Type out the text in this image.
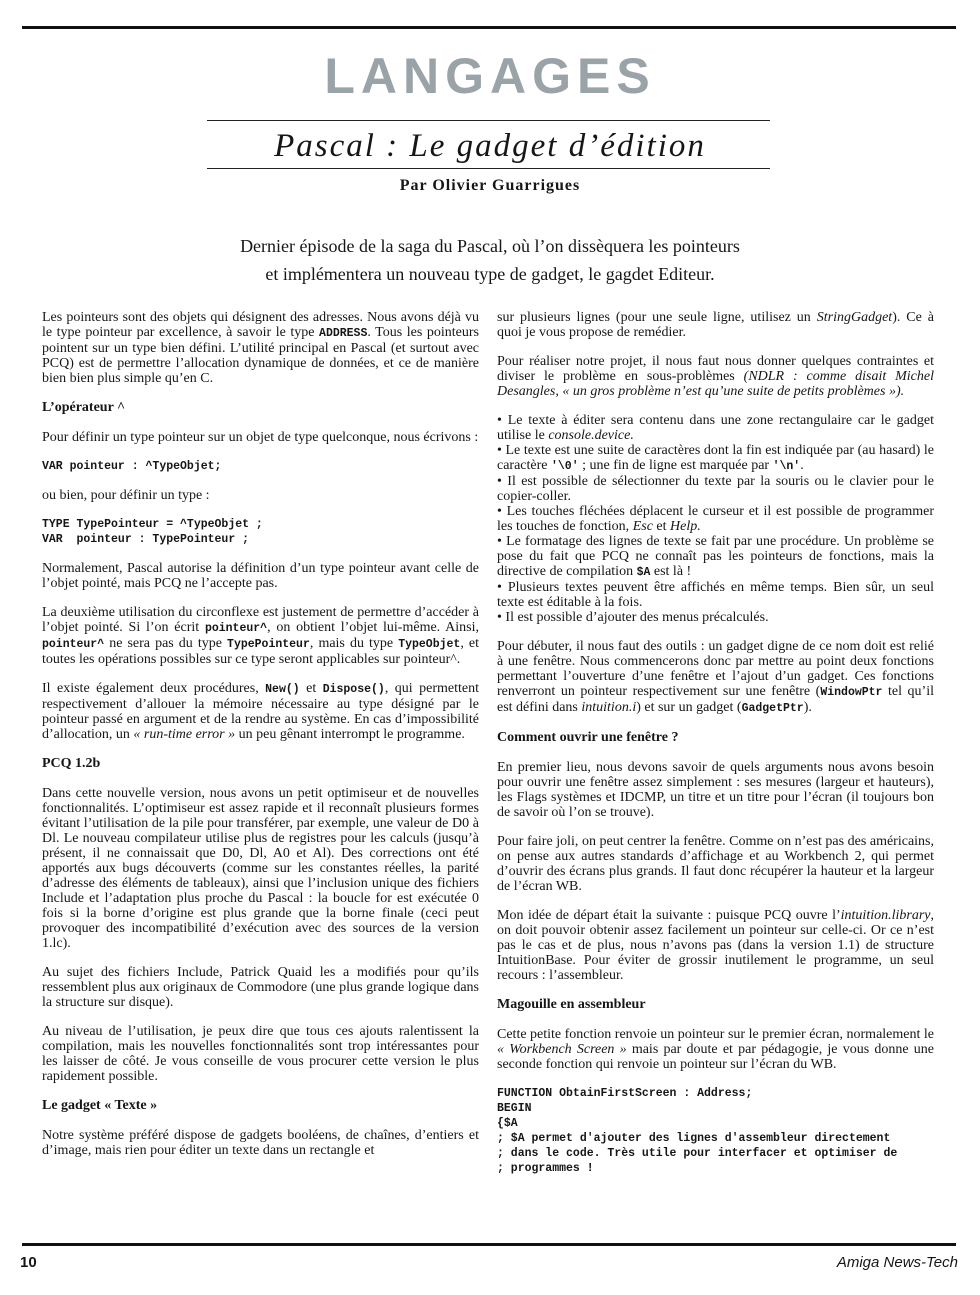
LANGAGES
Pascal : Le gadget d’édition
Par Olivier Guarrigues
Dernier épisode de la saga du Pascal, où l’on dissèquera les pointeurs
et implémentera un nouveau type de gadget, le gagdet Editeur.

Les pointeurs sont des objets qui désignent des adresses. Nous avons déjà vu le type pointeur par excellence, à savoir le type ADDRESS. Tous les pointeurs pointent sur un type bien défini. L’utilité principal en Pascal (et surtout avec PCQ) est de permettre l’allocation dynamique de données, et ce de manière bien bien plus simple qu’en C.

L’opérateur ^

Pour définir un type pointeur sur un objet de type quelconque, nous écrivons :

VAR pointeur : ^TypeObjet;

ou bien, pour définir un type :

TYPE TypePointeur = ^TypeObjet ;
VAR  pointeur : TypePointeur ;

Normalement, Pascal autorise la définition d’un type pointeur avant celle de l’objet pointé, mais PCQ ne l’accepte pas.

La deuxième utilisation du circonflexe est justement de permettre d’accéder à l’objet pointé. Si l’on écrit pointeur^, on obtient l’objet lui-même. Ainsi, pointeur^ ne sera pas du type TypePointeur, mais du type TypeObjet, et toutes les opérations possibles sur ce type seront applicables sur pointeur^.

Il existe également deux procédures, New() et Dispose(), qui permettent respectivement d’allouer la mémoire nécessaire au type désigné par le pointeur passé en argument et de la rendre au système. En cas d’impossibilité d’allocation, un « run-time error » un peu gênant interrompt le programme.

PCQ 1.2b

Dans cette nouvelle version, nous avons un petit optimiseur et de nouvelles fonctionnalités. L’optimiseur est assez rapide et il reconnaît plusieurs formes évitant l’utilisation de la pile pour transférer, par exemple, une valeur de D0 à Dl. Le nouveau compilateur utilise plus de registres pour les calculs (jusqu’à présent, il ne connaissait que D0, Dl, A0 et Al). Des corrections ont été apportés aux bugs découverts (comme sur les constantes réelles, la parité d’adresse des éléments de tableaux), ainsi que l’inclusion unique des fichiers Include et l’adaptation plus proche du Pascal : la boucle for est exécutée 0 fois si la borne d’origine est plus grande que la borne finale (ceci peut provoquer des incompatibilité d’exécution avec des sources de la version 1.lc).

Au sujet des fichiers Include, Patrick Quaid les a modifiés pour qu’ils ressemblent plus aux originaux de Commodore (une plus grande logique dans la structure sur disque).

Au niveau de l’utilisation, je peux dire que tous ces ajouts ralentissent la compilation, mais les nouvelles fonctionnalités sont trop intéressantes pour les laisser de côté. Je vous conseille de vous procurer cette version le plus rapidement possible.

Le gadget « Texte »

Notre système préféré dispose de gadgets booléens, de chaînes, d’entiers et d’image, mais rien pour éditer un texte dans un rectangle et

sur plusieurs lignes (pour une seule ligne, utilisez un StringGadget). Ce à quoi je vous propose de remédier.

Pour réaliser notre projet, il nous faut nous donner quelques contraintes et diviser le problème en sous-problèmes (NDLR : comme disait Michel Desangles, « un gros problème n’est qu’une suite de petits problèmes »).

• Le texte à éditer sera contenu dans une zone rectangulaire car le gadget utilise le console.device.
• Le texte est une suite de caractères dont la fin est indiquée par (au hasard) le caractère '\0' ; une fin de ligne est marquée par '\n'.
• Il est possible de sélectionner du texte par la souris ou le clavier pour le copier-coller.
• Les touches fléchées déplacent le curseur et il est possible de programmer les touches de fonction, Esc et Help.
• Le formatage des lignes de texte se fait par une procédure. Un problème se pose du fait que PCQ ne connaît pas les pointeurs de fonctions, mais la directive de compilation $A est là !
• Plusieurs textes peuvent être affichés en même temps. Bien sûr, un seul texte est éditable à la fois.
• Il est possible d’ajouter des menus précalculés.

Pour débuter, il nous faut des outils : un gadget digne de ce nom doit est relié à une fenêtre. Nous commencerons donc par mettre au point deux fonctions permettant l’ouverture d’une fenêtre et l’ajout d’un gadget. Ces fonctions renverront un pointeur respectivement sur une fenêtre (WindowPtr tel qu’il est défini dans intuition.i) et sur un gadget (GadgetPtr).

Comment ouvrir une fenêtre ?

En premier lieu, nous devons savoir de quels arguments nous avons besoin pour ouvrir une fenêtre assez simplement : ses mesures (largeur et hauteurs), les Flags systèmes et IDCMP, un titre et un titre pour l’écran (il toujours bon de savoir où l’on se trouve).

Pour faire joli, on peut centrer la fenêtre. Comme on n’est pas des américains, on pense aux autres standards d’affichage et au Workbench 2, qui permet d’ouvrir des écrans plus grands. Il faut donc récupérer la hauteur et la largeur de l’écran WB.

Mon idée de départ était la suivante : puisque PCQ ouvre l’intuition.library, on doit pouvoir obtenir assez facilement un pointeur sur celle-ci. Or ce n’est pas le cas et de plus, nous n’avons pas (dans la version 1.1) de structure IntuitionBase. Pour éviter de grossir inutilement le programme, un seul recours : l’assembleur.

Magouille en assembleur

Cette petite fonction renvoie un pointeur sur le premier écran, normalement le « Workbench Screen » mais par doute et par pédagogie, je vous donne une seconde fonction qui renvoie un pointeur sur l’écran du WB.

FUNCTION ObtainFirstScreen : Address;
BEGIN
{$A
; $A permet d'ajouter des lignes d'assembleur directement
; dans le code. Très utile pour interfacer et optimiser de
; programmes !
10	Amiga News-Tech
